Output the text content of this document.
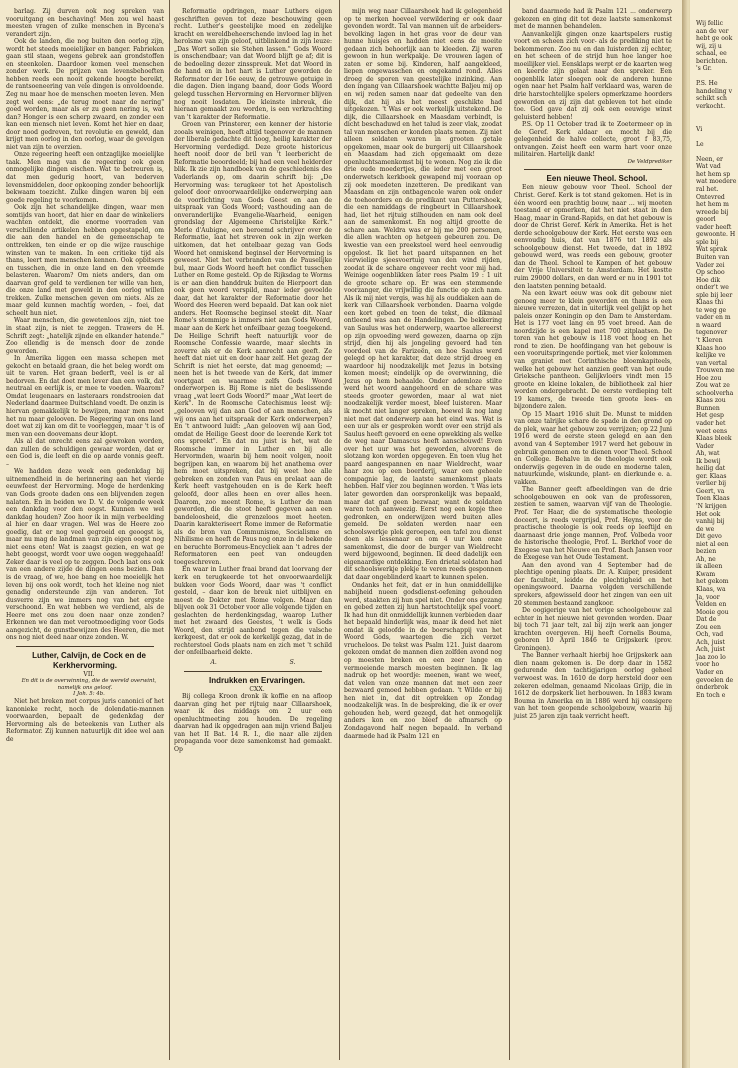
barlag. Zij durven ook nog spreken van vooruitgang en beschaving! Men zou wel haast meesten vragen of zulke menschen in Bycena's verandert zijn.

Ook de landen, die nog buiten den oorlog zijn, wordt het steeds moeielijker en banger. Fabrieken gaan stil staan, wegens gebrek aan grondstoffen en steenkolen. Daardoor komen veel menschen zonder werk. De prijzen van levensbehoeften hebben reeds een nooit gekende hoogte bereikt, de rantsoeneering van vele dingen is onvoldoende. Zeg nu maar hoe de menschen moeten leven. Men zegt wel eens: „de terug moet naar de nering" goed worden, maar als er zu geen nering is, wat dan? Honger is een scherp zwaard, en zonder een kan een mensch niet leven. Komt het hier en daar, door nood gedreven, tot revolutie en geweld, dan krijgt men oorlog in den oorlog, waar de gevolgen niet van zijn te overzien.

Onze regeering heeft een ontzaglijke moeielijke taak. Men mag van de regeering ook geen onmogelijke dingen eischen. Wat te betreuren is, dat men gedurig hoort, van bederven levensmiddelen, door opkooping zonder behoorlijk bekwaam toezicht. Zulke dingen waren bij een goede regeling te voorkomen.

Ook zijn het schandelijke dingen, waar men somtijds van hoort, dat hier en daar de winkeliers wachten ontdekt, die enorme voorraden van verschillende artikelen hebben opgestapeld, om die aan den handel en de gemeenschap te onttrekken, ten einde er op die wijze rauschige winsten van te maken. In een critieke tijd als thans, leert men menschen kennen. Ook opbitsers en tusschen, die in onze land en den vreemde belasteren. Waarom? Om niets anders, dan om daarvan grof geld te verdienen ter wille van hen, die onze land met geweld in den oorlog willen trekken. Zulke menschen geven om niets. Als ze maar geld kunnen machtig worden, – foei, dat scheelt hun niet.

Waar menschen, die gewetenloos zijn, niet toe in staat zijn, is niet te zeggen. Trawers de H. Schrift zegt: „hatelijk zijnde en elkander hatende." Zoo ellendig is de mensch door de zonde geworden.

In Amerika liggen een massa schepen met gekocht en betaald graan, die het beleg wordt om uit te varen. Het graan bederft, veel is er al bedorven. En dat doet men lever dan een volk, dat neutraal en eerlijk is, er mee te voeden. Waarom? Omdat leugenaars en lasteraars rondstrooien dat Nederland daarmee Duitschland voedt. De onzin is hiervan gemakkelijk te bewijzen, maar men moet het nu maar gelooven. De Regeering van ons land doet wat zij kan om dit te voorleggen, maar 't is of men van een doovemans deur klopt.

Als al dat onrecht eens zal gewroken worden, dan zullen de schuldigen gewaar worden, dat er een God is, die leeft en die op aarde vonnis geeft. –

We hadden deze week een gedenkdag bij uitnemendheid in de herinnering aan het vierde eeuwfeest der Hervorming. Moge de herdenking van Gods groote daden ons een blijvenden zegen nalaten. En in beiden we D. V. de volgende week een dankdag voor den oogst. Kunnen we wel dankdag houden? Zoo hoor ik in mijn verbeelding al hier en daar vragen. Wel was de Heere zoo goedig, dat er nog veel gegroeid en geoogst is, maar nu mag de landman van zijn eigen oogst nog niet eens eten! Wat is zaagst gezien, en wat ge hebt geoogst, wordt voor uwe oogen weggehaald! Zeker daar is veel op te zeggen. Doch laat ons ook van een andere zijde de dingen eens bezien. Dan is de vraag, of we, hoe bang en hoe moeielijk het leven bij ons ook wordt, toch het kleine nog niet genadig ondersteunde zijn van anderen. Tot dusverre zijn we immers nog van het ergste verschoond. En wat hebben we verdiend, als de Heere met ons zou doen naar onze zonden? Erkennen we dan met verootmoediging voor Gods aangezicht, de gunstbewijzen des Heeren, die met ons nog niet deed naar onze zonden. W.

Luther, Calvijn, de Cock en de Kerkhervorming.

VII.

En dit is de overwinning, die de wereld overwint, namelijk ons geloof.

I Joh. 5: 4b.

Niet het breken met corpus juris canonici of het kanonieke recht, noch de dolendatie-mannen voorwaarden, bepaalt de gedenkdag der Hervorming als de beteekenis van Luther als Reformator. Zij kunnen natuurlijk dit idee wel aan de

Reformatie opdringen, maar Luthers eigen geschriften geven tot deze beschouwing geen recht. Luther's geestelijke moed en zedelijke kracht en wereldbeheerschende invloed lag in het heroïsme van zijn geloof, uitblinkend in zijn leuze: „Das Wort sollen sie Stehen lassen." Gods Woord is onschendbaar; van dat Woord blijft ge af; dit is de bedoeling dezer zinsspreuk. Met dat Woord in de hand en in het hart is Luther geworden de Reformator der 16e eeuw, de getrouwe getuige in die dagen. Dien ingang baand, door Gods Woord gelegd tusschen Hervorming en Hervormer blijven nog nooit losdaten. De kleinste inbreuk, die hieraan gemaakt zou worden, is een verkrachting van 't karakter der Reformatie.

Groen van Prinsterer, een kenner der historie zooals weinigen, heeft altijd tegenover de mannen der liberale gedachte dit hoog, heilig karakter der Hervorming verdedigd. Deze groote historicus heeft nooit door de bril van 't leerbericht de Reformatie beoordeeld; bij had een veel helderder blik. Ik zie zijn handboek van de geschiedenis des Vaderlands op, om daarin schrift bij: „De Hervorming was: terugkeer tot het Apostolisch geloof door onvoorwaardelijke onderwerping aan de voorlichting van Gods Geest en aan de uitspraak van Gods Woord; vasthouding aan de onveranderlijke Evangelie-Waarheid, eenigen grondslag der Algemeene Christelijke Kerk." Merle d'Aubigne, een beroemd schrijver over de Reformatie, laat het streven ook in zijn werken uitkomen, dat het ontelbaar gezag van Gods Woord het onmiskend beginsel der Hervorming is geweest. Niet het verbranden van de Pauselijke bul, maar Gods Woord heeft het conflict tusschen Luther en Rome gesteld. Op de Rijksdag te Worms is er aan dien handdruk buiten de Hierpoort dan ook geen woord verspild, maar ieder gevoelde daar, dat het karakter der Reformatie door het Woord des Heeren werd bepaald. Dat kan ook niet anders. Het Roomsche beginsel steekt dit. Naar Rome's stemmige is immers niet aan Gods Woord, maar aan de Kerk het onfeilbaar gezag toegekend. De Heilige Schrift heeft natuurlijk voor de Roomsche Confessie waarde, maar slechts in zoverre als er de Kerk aanrecht aan geeft. Ze heeft dat niet uit en door haar zelf. Het gezag der Schrift is niet het eerste, dat mag genoemd; — neen het is het tweede van de Kerk, dat immer voortgaat en waarmee zelfs Gods Woord onderworpen is. Bij Rome is niet de beslissende vraag „wat leert Gods Woord?" maar „Wat leert de Kerk". In de Roomsche Catechismus leest wij: „gelooven wij dan aan God of aan menschen, als wij ons aan het uitspraak der Kerk onderwerpen? En 't antwoord luidt: „Aan gelooven wij aan God, omdat de Heilige Geest door de leerende Kerk tot ons spreekt". En dat nu juist is het, wat de Roomsche immer in Luther en bij alle Hervormden, waarin bij hem nooit volgen, nooit begrijpen kan, en waarom bij het anathema over hem moet uitspreken, dat bij weet hoe alle gebreken en zonden van Paus en prelaat aan de Kerk heeft vastgehouden en is de Kerk heeft geloofd, door alles heen en over alles heen. Daarom, zoo meent Rome, is Luther de man geworden, die de stoot heeft gegeven aan een bandeloosheid, die grenzeloos moet heeten. Daarin karakteriseert Rome immer de Reformatie als de bron van Communisme, Socialisme en Nihilisme en heeft de Paus nog onze in de bekende en beruchte Borromeus-Encycliek aan 't adres der Reformatoren een peet van ondeugden toegeschreven.

En waar in Luther fraai brand dat loorvang der kerk en terugkeerde tot het onvoorwaardelijk bukken voor Gods Woord, daar was 't conflict gesteld, – daar kon de breuk niet uitblijven en moest de Dokter met Rome volgen. Maar dan blijven ook 31 October voor alle volgende tijden en geslachten de herdenkingsdag, waarop Luther met het zwaard des Geestes, 't welk is Gods Woord, den strijd aanbond tegen die valsche kerkgeest, dat er ook de kerkelijk gezag, dat in de rechterstoel Gods plaats nam en zich met 't schild der onfeilbaarheid dekte.

A.	S.

Indrukken en Ervaringen.

CXX.

Bij collega Kroon dronk ik koffie en na afloop daarvan ging het per rijtuig naar Cillaarshoek, waar ik des middags om 2 uur een openluchtmeeting zou houden. De regeling daarvan had ik opgedragen aan mijn vriend Baljeu van het II Bat. 14 R. I., die naar alle zijden propaganda voor deze samenkomst had gemaakt. Op

mijn weg naar Cillaarshoek had ik gelegenheid op te merken hoeveel verwildering er ook daar gevonden wordt. Tal van mannen uit de arbeiders-bevolking lagen in het gras voor de deur van hunne huisjes en hadden niet eens de moeite gedaan zich behoorlijk aan te kleeden. Zij waren gewoon in hun werkpakje. De vrouwen lagen of zaten er some bij. Kinderen, half aangekleed, liepen ongewasschen en ongekamd rond. Alles droeg de sporen van geestelijke inzinking. Aan den ingang van Cillaarshoek wachtte Baljeu mij op en wij reden samen naar dat gedeelte van den dijk, dat hij als het meest geschikte had uitgekozen. 't Was er ook werkelijk uitstekend. De dijk, die Cillaarshoek en Maasdam verbindt, is dicht beschaduwd en het talud is zeer vlak, zoodat tal van menschen er konden plaats nemen. Zij niet alleen soldaten waren in grooten getale opgekomen, maar ook de burgerij uit Cillaarshoek en Maasdam had zich opgemaakt om deze openluchtsamenkomst bij te wonen. Nog zie ik die drie oude moedertjes, die ieder met een groot onderwetsch kerkboek gewapend mij vooraan op zij ook moedeten inzetteren. De predikant van Maasdam en zijn ontbagencole waren ook onder de toehoorders en de predikant van Puttershoek, die een namiddags de ringbeurt in Cillaarshoek had, liet het rijtuig stilhouden en nam ook deel aan de samenkomst. En nog altijd grootte de schare aan. Weldra was er bij me 200 personen, die allen wachten op hetgeen gebeuren zou. De kwestie van een preekstoel werd heel eenvoudig opgelost. Ik liet het paard uitspannen en het vierwielige sjeesvoertuig van den wind rijden, zoodat ik de schare ongeveer recht voor mij had. Weinige oogenblikken later rees Psalm 19 : 1 uit de groote schare op. Er was een stemmende voorzanger, die vrijwillig die functie op zich nam. Als ik mij niet vergis, was hij als ouddiaken aan de kerk van Cillaarshoek verbonden. Daarna volgde een kort gebed en toen de tekst, die dikmaal ontleend was aan de Handelingen. De bekkering van Saulus was het onderwerp, waartoe allereerst op zijn opvoeding werd gewezen, daarna op zijn strijd, dien hij als jongeling gevoerd had ten voordeel van de Farizeën, en hoe Saulus werd gelegd op het karakter, dat deze strijd droeg en waardoor hij noodzakelijk met Jezus in botsing komen moest; eindelijk op de overwinning, die Jezus op hem behaalde. Onder ademloze stilte werd het woord aangehoord en de schare was steeds grooter geworden, maar al wat niet noodzakelijk verder moest, bleef luisteren. Maar ik mocht niet langer spreken, hoewel ik nog lang niet met dat onderwerp aan het eind was. Wat is een uur als er gesproken wordt over een strijd als Saulus heeft gevoerd en eene opwekking als welke de weg naar Damascus heeft aanschouwd! Even over het uur was het geworden, alvorens de slotzang kon worden opgegeven. En toen vlug het paard aangespannen en naar Wieldrecht, waar haar zou op een boerderij, waar een geheele compagnie lag, de laatste samenkomst plaats hebben. Half vier zou beginnen worden. 't Was iets later geworden dan oorspronkelijk was bepaald, maar dat gaf geen bezwaar, want de soldaten waren toch aanweezig. Eerst nog een kopje thee gedronken, en onderwijzen werd buiten alles gemeld. De soldaten werden naar een schoolswerkje plek geroepen, een tafel zou dienst doen als lessenaar en om 4 uur kon onze samenkomst, die door de burger van Wieldrecht werd bijgewoond, beginnen. Ik deed dadelijk een eigenaardige ontdekking. Een drietal soldaten had dit schoolswerkje plekje te veren reeds gesponnen dat daar ongeblinderd kaart te kunnen spelen.

Ondanks het feit, dat er in hun onmiddellijke nabijheid nueen godsdienst-oefening gehouden werd, staakten zij hun spel niet. Onder ons gezang en gebed zetten zij hun hartstochtelijk spel voort. Ik had hun dit onmiddellijk kunnen verbieden daar het bepaald hinderlijk was, maar ik deed het niet omdat ik geloofde in de boerschappij van het Woord Gods, waartegen die zich verzet vrucheloos. De tekst was Psalm 121. Juist daarom gekozen omdat de mannen dien zolfden avond nog op moesten breken en een zeer lange en vermoeiende marsch moesten beginnen. Ik lag nadruk op het woordje: meenen, want we weet, dat velen van onze mannen dat met een zeer bezwaard gemoed hebben gedaan. 't Wilde er bij hen niet in, dat dit optrekken op Zondag noodzakelijk was. In de bespreking, die ik er over gehouden heb, werd gezegd, dat het onmogelijk anders kon en zoo bleef de afmarsch op Zondagavond half negen bepaald. In verband daarmede had ik Psalm 121 en

band daarmede had ik Psalm 121 ... onderwerp gekozen en ging dit tot deze laatste samenkomst met de mannen behandelen.

Aanvankelijk gingen onze kaartspelers rustig voort en scheen zich voor- als de prediking niet te bekommeren. Zoo nu en dan luisterden zij echter, en het scheen of de strijd hun hoe langer hoe moeilijker viel. Eensklaps werpt er de kaarten weg en keerde zijn gelaat naar den spreker. Een oogenblik later sloegen ook de anderen hunne ogen naar het Psalm half verklaard was, waren de drie harstochtelijke spelers opmerkzame hoorders geworden en zij zijn dat gebleven tot het einde toe. God gave dat zij ook een eeuwige winst geluisterd hebben!

P.S. Op 11 October trad ik te Zoetermeer op in de Geref. Kerk aldaar en mocht bij die gelegenheid de halve collecte, groot f 83,75, ontvangen. Zeist heeft een warm hart voor onze militairen. Hartelijk dank!

De Veldprediker

Een nieuwe Theol. School.

Een nieuw gebouw voor Theol. School der Christ. Geref. Kerk is tot stand gekomen. Het is in één woord een prachtig bouw, naar … wij moeten toestand er opmerken, dat het niet staat in den Haag, maar in Grand-Rapids, en dat het gebouw is door de Christ Geref. Kerk in Amerika. Het is het derde schoolgebouw der Kerk. Het eerste was een eenvoudig huis, dat van 1876 tot 1892 als schoolgebouw dienst. Het tweede, dat in 1892 gebouwd werd, was reeds een gebouw, grooter dan de Theol. School te Kampen of het gebouw der Vrije Universiteit te Amsterdam. Het kostte ruim 29000 dollars, en dan werd er nu in 1901 tot den laatsten penning betaald.

Na een kwart eeuw was ook dit gebouw niet genoeg meer te klein geworden en thans is een nieuwe verrezen, dat in uiterlijk veel gelijkt op het paleis onzer Koningin op den Dam te Amsterdam. Het is 177 voet lang en 95 voet breed. Aan de noordzijde is een kapel met 700 zitplaatsen. De toren van het gebouw is 118 voet hoog en het rond te zien. De hoofdingang van het gebouw is een vooruitspringende portiek, met vier kolommen van graniet met Corinthische bloemkapiteels, welke het gebouw het aanzien geeft van het oude Grieksche pantheon. Gelijkvloers vindt men 15 groote en kleine lokalen, de bibliotheek zal hier worden ondergebracht. De eerste verdieping telt 19 kamers, de tweede tien groote lees- en bijzondere zalen.

Op 15 Maart 1916 sluit De. Munst te midden van onze talrijke schare de spade in den grond op de plek, waar het gebouw zou verrijzen; op 22 Juni 1916 werd de eerste steen gelegd en aan den avond van 4 September 1917 werd het gebouw in gebruik genomen om te dienen voor Theol. School en College. Behalve in de theologie wordt ook onderwijs gegeven in de oude en moderne talen, natuurkunde, wiskunde, plant- en dierkunde e. a. vakken.

The Banner geeft afbeeldingen van de drie schoolgebouwen en ook van de professoren, zestien te samen, waarvan vijf van de Theologie. Prof. Ter Haar, die de systematische theologie doceert, is reeds vergrijsd, Prof. Heyns, voor de practische theologie is ook reeds op leeftijd en daarnaast drie jonge mannen, Prof. Volbeda voor de historische theologie, Prof. L. Berkhof voor de Exegese van het Nieuwe en Prof. Bach Jansen voor de Exegese van het Oude Testament.

Aan den avond van 4 September had de plechtige opening plaats. Dr. A. Kuiper, president der faculteit, leidde de plechtigheid en het openingswoord. Daarna volgden verschillende sprekers, afgewisseld door het zingen van een uit 20 stemmen bestaand zangkoor.

De oogigerige van het vorige schoolgebouw zal echter in het nieuwe niet gevonden worden. Daar bij toch 71 jaar telt, zal bij zijn werk aan jonger krachten overgeven. Hij heeft Cornelis Bouma, geboren 10 April 1846 te Grijpskerk (prov. Groningen).

The Banner verhaalt hierbij hoe Grijpskerk aan dien naam gekomen is. De dorp daar in 1582 gedurende den tachtigjarigen oorlog geheel verwoest was. In 1610 de dorp hersteld door een zekeren edelman, genaamd Nicolaas Grijp, die in 1612 de dorpskerk liet herbouwen. In 1883 kwam Bouma in Amerika en in 1886 werd hij consigere van het toen geopende schoolgebouw, waarin hij juist 25 jaren zijn taak verricht heeft.

Wij fellic
aan de ver
hebt ge ook
wij, zij u
schaal, ee
berichten.
's Gr.

P.S. He
handeling v
schikt sch
verkocht.

Vi

Le

Neen, er
Wat vad
het hem sp
wat moedere
ral het.
Ontevred
het hem m
wreede bij
geoorl
vader heeft
gewoonte. H
sple bij
Wat sprak
Buiten van
Vader zei
Op schoo
Hoe dik
onder't we
sple bij leer
Klaas thi
te weg ge
vader en m
n waard
tegenover
't Kleren
Klaas hoo
kelijke ve
van vertal
Trouwen me
Hoe zou
Zou wat ze
schoolverha
Klaas zou
Bunnen
Het gesp
vader het
weet eens
Klaas bleek
Vader
Ah, wat
Ik bewij
heilig dat
ger. Klaas
verlier bij
Geert, va
Toen Klaas
'N krijgen
Het ook
vanhij bij
de we
Dit gevo
niet al een
bezien
Ah, ne
ik alleen
Kwam
het gekom
Klaas, wa
Ja, voor
Velden en
Mooie gou
Dat de
Zou een
Och, vad
Ach, juist
Ach, juist
Jaa zoo lo
voor ho
Vader en
gevoelen de
onderbrok
En toch e
